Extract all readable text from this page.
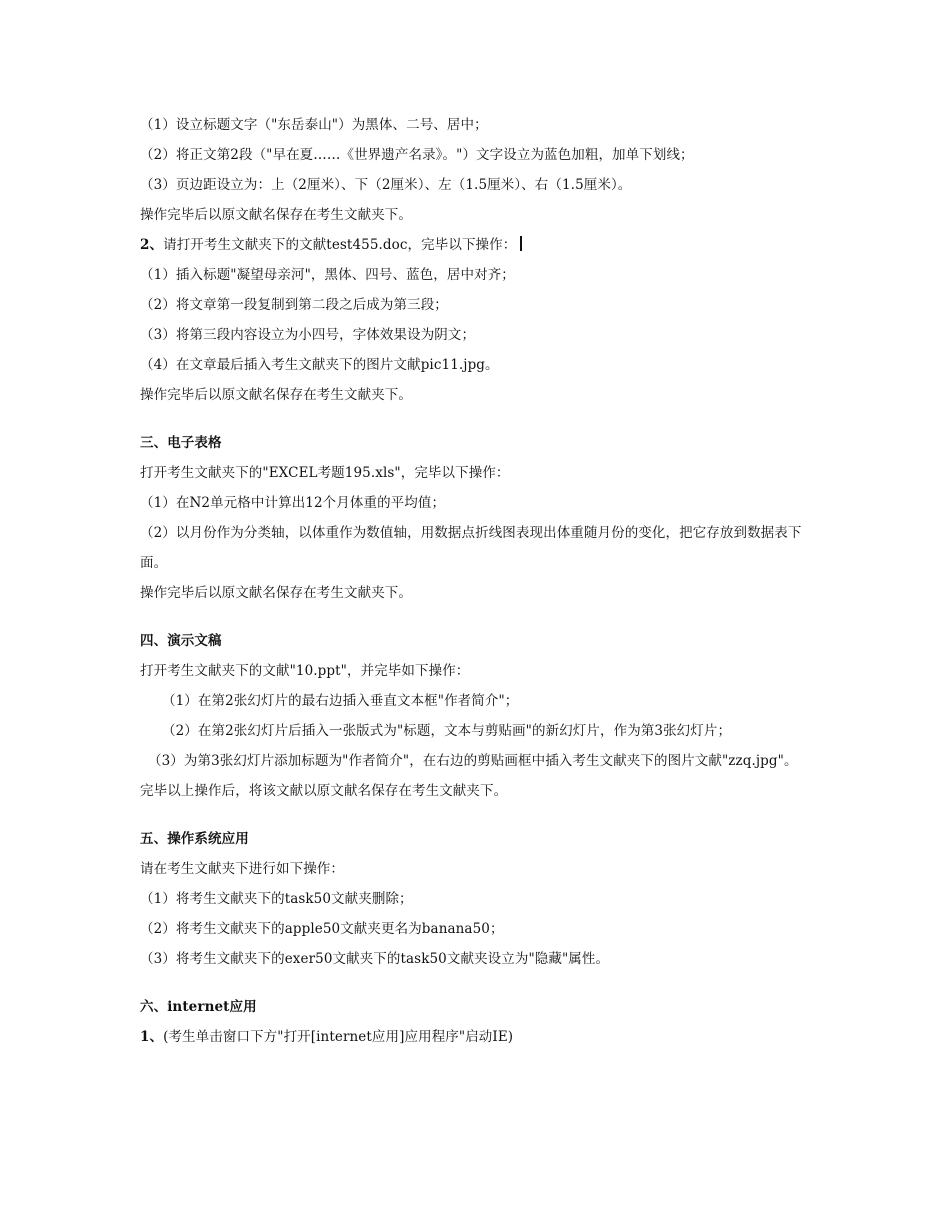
（1）设立标题文字（"东岳泰山"）为黑体、二号、居中；
（2）将正文第2段（"早在夏……《世界遗产名录》。"）文字设立为蓝色加粗，加单下划线；
（3）页边距设立为：上（2厘米）、下（2厘米）、左（1.5厘米）、右（1.5厘米）。
操作完毕后以原文献名保存在考生文献夹下。
2、请打开考生文献夹下的文献test455.doc，完毕以下操作：
（1）插入标题"凝望母亲河"，黑体、四号、蓝色，居中对齐；
（2）将文章第一段复制到第二段之后成为第三段；
（3）将第三段内容设立为小四号，字体效果设为阴文；
（4）在文章最后插入考生文献夹下的图片文献pic11.jpg。
操作完毕后以原文献名保存在考生文献夹下。
三、电子表格
打开考生文献夹下的"EXCEL考题195.xls"，完毕以下操作：
（1）在N2单元格中计算出12个月体重的平均值；
（2）以月份作为分类轴，以体重作为数值轴，用数据点折线图表现出体重随月份的变化，把它存放到数据表下面。
操作完毕后以原文献名保存在考生文献夹下。
四、演示文稿
打开考生文献夹下的文献"10.ppt"，并完毕如下操作：
（1）在第2张幻灯片的最右边插入垂直文本框"作者简介"；
（2）在第2张幻灯片后插入一张版式为"标题，文本与剪贴画"的新幻灯片，作为第3张幻灯片；
（3）为第3张幻灯片添加标题为"作者简介"，在右边的剪贴画框中插入考生文献夹下的图片文献"zzq.jpg"。
完毕以上操作后，将该文献以原文献名保存在考生文献夹下。
五、操作系统应用
请在考生文献夹下进行如下操作：
（1）将考生文献夹下的task50文献夹删除；
（2）将考生文献夹下的apple50文献夹更名为banana50；
（3）将考生文献夹下的exer50文献夹下的task50文献夹设立为"隐藏"属性。
六、internet应用
1、(考生单击窗口下方"打开[internet应用]应用程序"启动IE)
